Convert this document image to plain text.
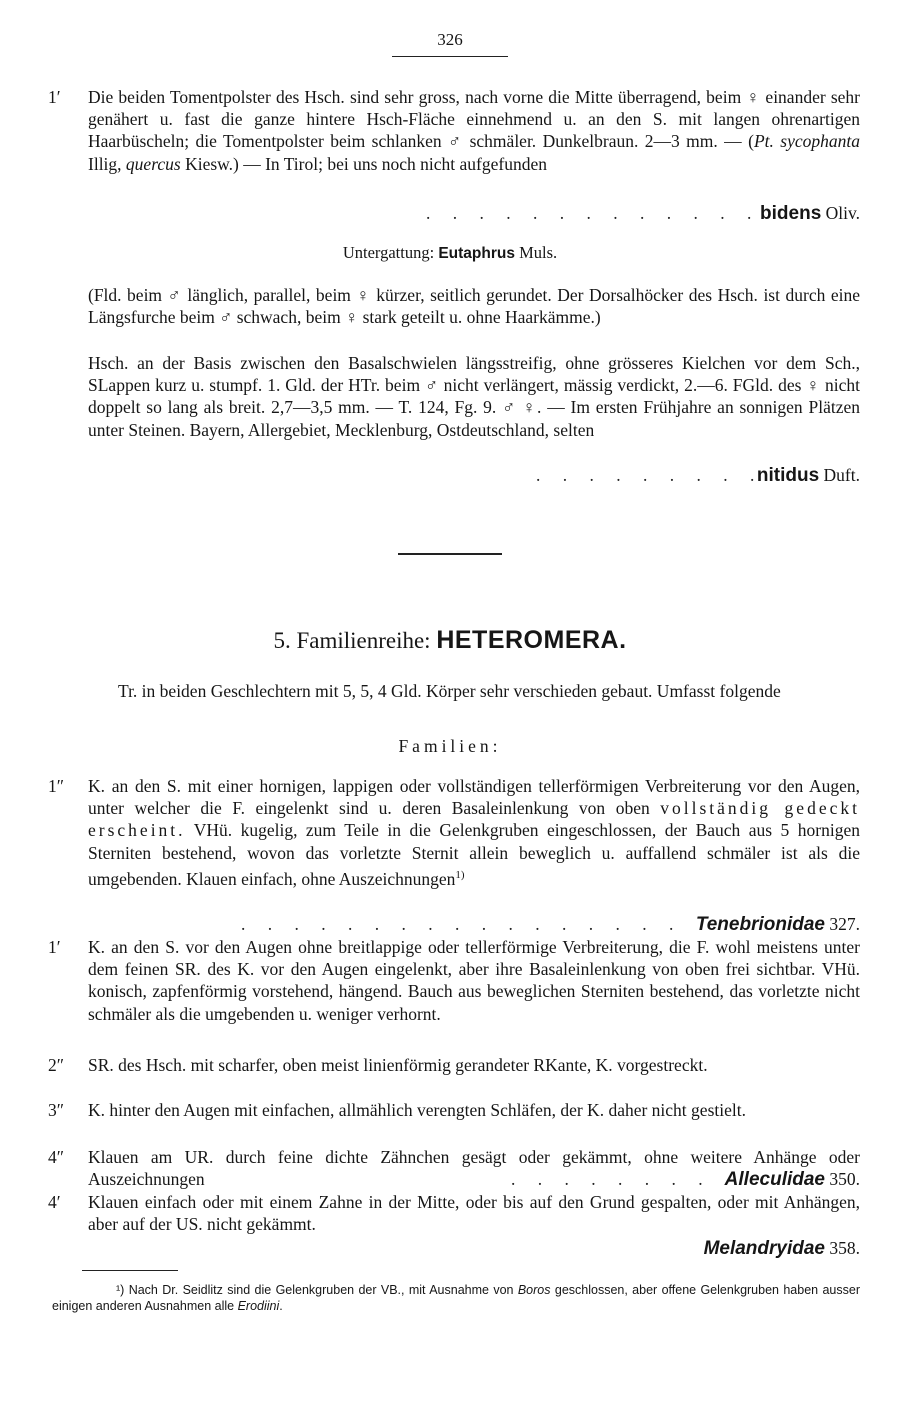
326
1′	Die beiden Tomentpolster des Hsch. sind sehr gross, nach vorne die Mitte überragend, beim ♀ einander sehr genähert u. fast die ganze hintere Hsch-Fläche einnehmend u. an den S. mit langen ohrenartigen Haarbüscheln; die Tomentpolster beim schlanken ♂ schmäler. Dunkelbraun. 2—3 mm. — (Pt. sycophanta Illig, quercus Kiesw.) — In Tirol; bei uns noch nicht aufgefunden
. . .
bidens Oliv.
Untergattung: Eutaphrus Muls.
(Fld. beim ♂ länglich, parallel, beim ♀ kürzer, seitlich gerundet. Der Dorsalhöcker des Hsch. ist durch eine Längsfurche beim ♂ schwach, beim ♀ stark geteilt u. ohne Haarkämme.)
Hsch. an der Basis zwischen den Basalschwielen längsstreifig, ohne grösseres Kielchen vor dem Sch., SLappen kurz u. stumpf. 1. Gld. der HTr. beim ♂ nicht verlängert, mässig verdickt, 2.—6. FGld. des ♀ nicht doppelt so lang als breit. 2,7—3,5 mm. — T. 124, Fg. 9. ♂ ♀. — Im ersten Frühjahre an sonnigen Plätzen unter Steinen. Bayern, Allergebiet, Mecklenburg, Ostdeutschland, selten
. . .
nitidus Duft.
5. Familienreihe: HETEROMERA.
Tr. in beiden Geschlechtern mit 5, 5, 4 Gld. Körper sehr verschieden gebaut. Umfasst folgende
Familien:
1″	K. an den S. mit einer hornigen, lappigen oder vollständigen tellerförmigen Verbreiterung vor den Augen, unter welcher die F. eingelenkt sind u. deren Basaleinlenkung von oben vollständig gedeckt erscheint. VHü. kugelig, zum Teile in die Gelenkgruben eingeschlossen, der Bauch aus 5 hornigen Sterniten bestehend, wovon das vorletzte Sternit allein beweglich u. auffallend schmäler ist als die umgebenden. Klauen einfach, ohne Auszeichnungen$^{1)}$
. . .
Tenebrionidae 327.
1′	K. an den S. vor den Augen ohne breitlappige oder tellerförmige Verbreiterung, die F. wohl meistens unter dem feinen SR. des K. vor den Augen eingelenkt, aber ihre Basaleinlenkung von oben frei sichtbar. VHü. konisch, zapfenförmig vorstehend, hängend. Bauch aus beweglichen Sterniten bestehend, das vorletzte nicht schmäler als die umgebenden u. weniger verhornt.
2″	SR. des Hsch. mit scharfer, oben meist linienförmig gerandeter RKante, K. vorgestreckt.
3″	K. hinter den Augen mit einfachen, allmählich verengten Schläfen, der K. daher nicht gestielt.
4″	Klauen am UR. durch feine dichte Zähnchen gesägt oder gekämmt, ohne weitere Anhänge oder Auszeichnungen
. . .	Alleculidae 350.
4′	Klauen einfach oder mit einem Zahne in der Mitte, oder bis auf den Grund gespalten, oder mit Anhängen, aber auf der US. nicht gekämmt.
Melandryidae 358.
¹) Nach Dr. Seidlitz sind die Gelenkgruben der VB., mit Ausnahme von Boros geschlossen, aber offene Gelenkgruben haben ausser einigen anderen Ausnahmen alle Erodiini.
